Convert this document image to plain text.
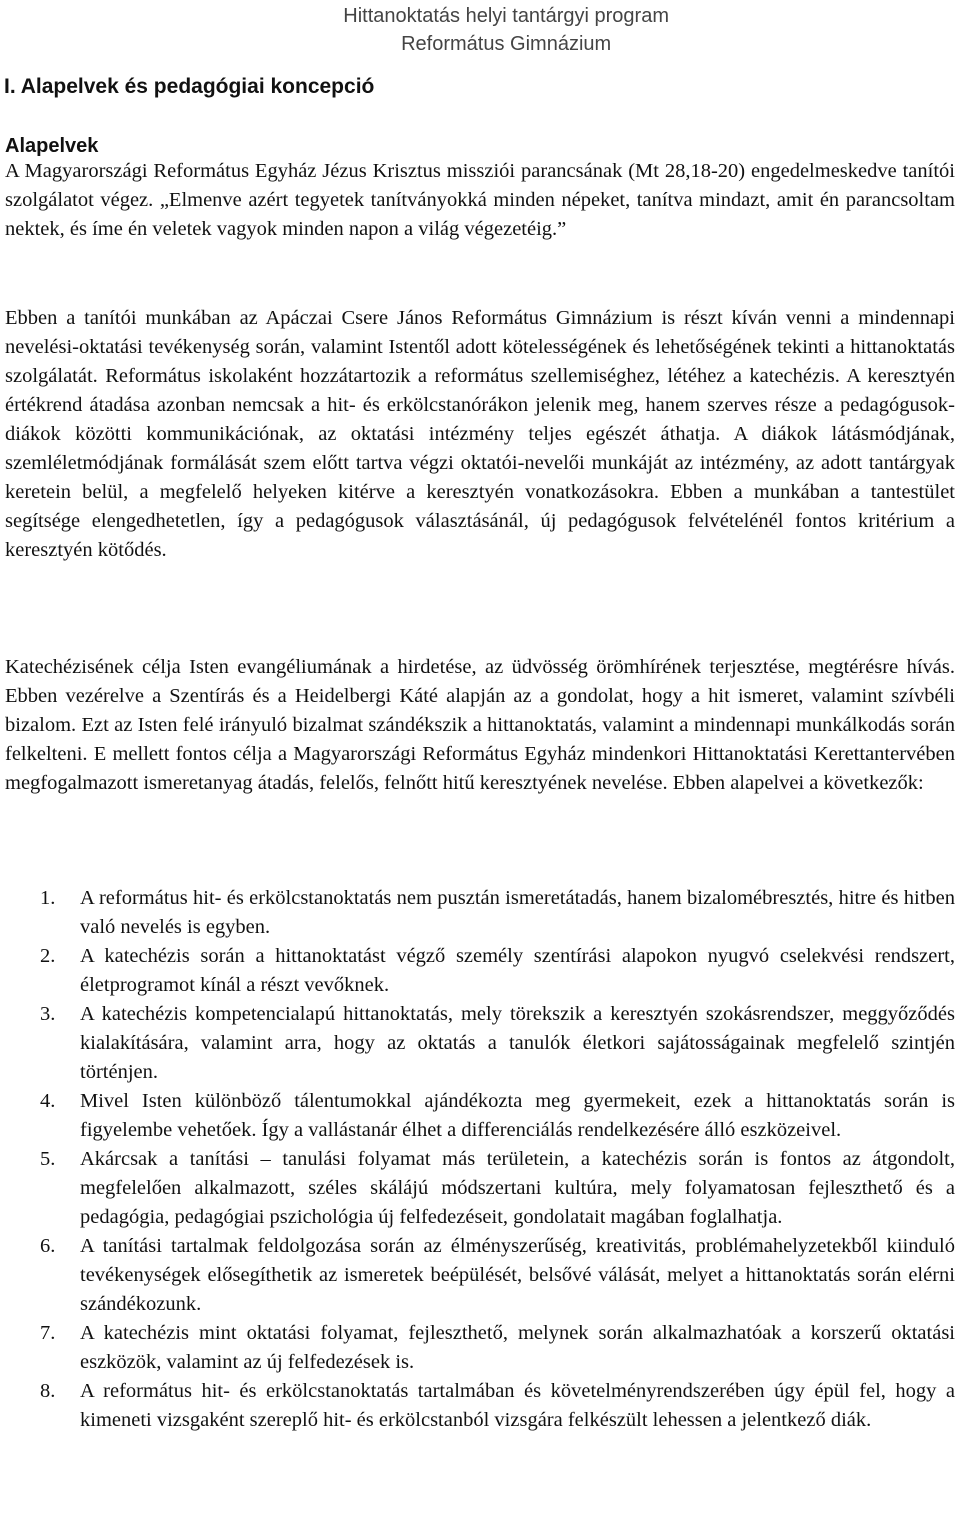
Hittanoktatás helyi tantárgyi program
Református Gimnázium
I. Alapelvek és pedagógiai koncepció
Alapelvek

A Magyarországi Református Egyház Jézus Krisztus missziói parancsának (Mt 28,18-20) engedelmeskedve tanítói szolgálatot végez. „Elmenve azért tegyetek tanítványokká minden népeket, tanítva mindazt, amit én parancsoltam nektek, és íme én veletek vagyok minden napon a világ végezetéig.”

Ebben a tanítói munkában az Apáczai Csere János Református Gimnázium is részt kíván venni a mindennapi nevelési-oktatási tevékenység során, valamint Istentől adott kötelességének és lehetőségének tekinti a hittanoktatás szolgálatát. Református iskolaként hozzátartozik a református szellemiséghez, létéhez a katechézis. A keresztyén értékrend átadása azonban nemcsak a hit- és erkölcstanórákon jelenik meg, hanem szerves része a pedagógusok-diákok közötti kommunikációnak, az oktatási intézmény teljes egészét áthatja. A diákok látásmódjának, szemléletmódjának formálását szem előtt tartva végzi oktatói-nevelői munkáját az intézmény, az adott tantárgyak keretein belül, a megfelelő helyeken kitérve a keresztyén vonatkozásokra. Ebben a munkában a tantestület segítsége elengedhetetlen, így a pedagógusok választásánál, új pedagógusok felvételénél fontos kritérium a keresztyén kötődés.

Katechézisének célja Isten evangéliumának a hirdetése, az üdvösség örömhírének terjesztése, megtérésre hívás. Ebben vezérelve a Szentírás és a Heidelbergi Káté alapján az a gondolat, hogy a hit ismeret, valamint szívbéli bizalom. Ezt az Isten felé irányuló bizalmat szándékszik a hittanoktatás, valamint a mindennapi munkálkodás során felkelteni. E mellett fontos célja a Magyarországi Református Egyház mindenkori Hittanoktatási Kerettantervében megfogalmazott ismeretanyag átadás, felelős, felnőtt hitű keresztyének nevelése. Ebben alapelvei a következők:

1.	A református hit- és erkölcstanoktatás nem pusztán ismeretátadás, hanem bizalomébresztés, hitre és hitben való nevelés is egyben.
2.	A katechézis során a hittanoktatást végző személy szentírási alapokon nyugvó cselekvési rendszert, életprogramot kínál a részt vevőknek.
3.	A katechézis kompetencialapú hittanoktatás, mely törekszik a keresztyén szokásrendszer, meggyőződés kialakítására, valamint arra, hogy az oktatás a tanulók életkori sajátosságainak megfelelő szintjén történjen.
4.	Mivel Isten különböző tálentumokkal ajándékozta meg gyermekeit, ezek a hittanoktatás során is figyelembe vehetőek. Így a vallástanár élhet a differenciálás rendelkezésére álló eszközeivel.
5.	Akárcsak a tanítási – tanulási folyamat más területein, a katechézis során is fontos az átgondolt, megfelelően alkalmazott, széles skálájú módszertani kultúra, mely folyamatosan fejleszthető és a pedagógia, pedagógiai pszichológia új felfedezéseit, gondolatait magában foglalhatja.
6.	A tanítási tartalmak feldolgozása során az élményszerűség, kreativitás, problémahelyzetekből kiinduló tevékenységek elősegíthetik az ismeretek beépülését, belsővé válását, melyet a hittanoktatás során elérni szándékozunk.
7.	A katechézis mint oktatási folyamat, fejleszthető, melynek során alkalmazhatóak a korszerű oktatási eszközök, valamint az új felfedezések is.
8.	A református hit- és erkölcstanoktatás tartalmában és követelményrendszerében úgy épül fel, hogy a kimeneti vizsgaként szereplő hit- és erkölcstanból vizsgára felkészült lehessen a jelentkező diák.
